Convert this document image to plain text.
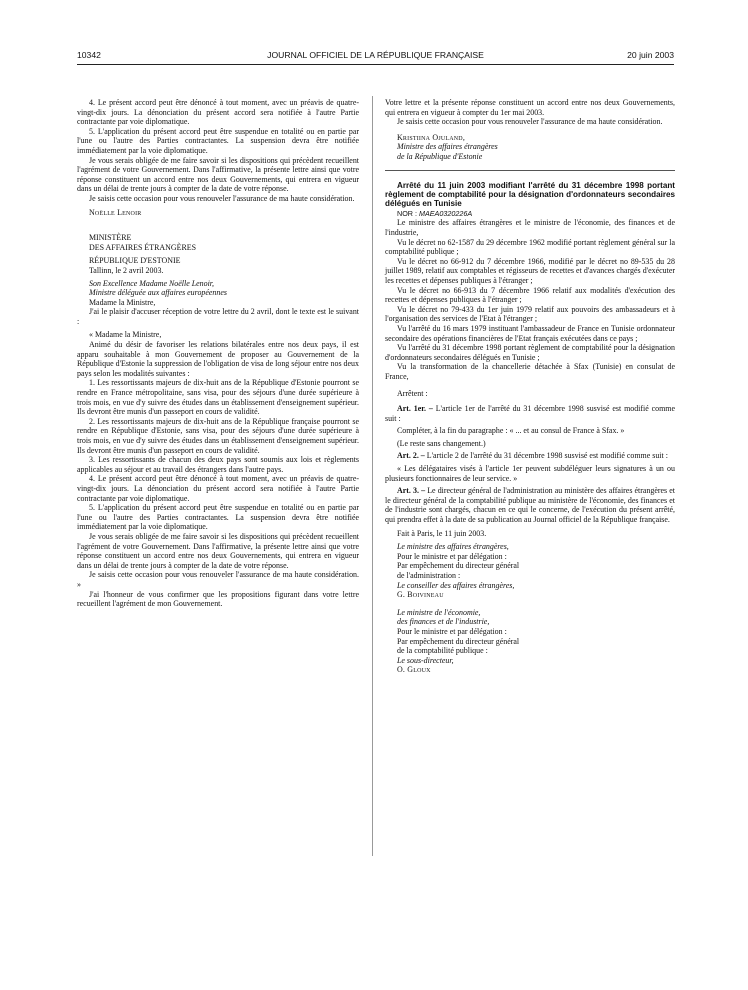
10342	JOURNAL OFFICIEL DE LA RÉPUBLIQUE FRANÇAISE	20 juin 2003

4. Le présent accord peut être dénoncé à tout moment, avec un préavis de quatre-vingt-dix jours. La dénonciation du présent accord sera notifiée à l'autre Partie contractante par voie diplomatique.

5. L'application du présent accord peut être suspendue en totalité ou en partie par l'une ou l'autre des Parties contractantes. La suspension devra être notifiée immédiatement par la voie diplomatique.

Je vous serais obligée de me faire savoir si les dispositions qui précèdent recueillent l'agrément de votre Gouvernement. Dans l'affirmative, la présente lettre ainsi que votre réponse constituent un accord entre nos deux Gouvernements, qui entrera en vigueur dans un délai de trente jours à compter de la date de votre réponse.

Je saisis cette occasion pour vous renouveler l'assurance de ma haute considération.

Noëlle Lenoir

MINISTÈRE

DES AFFAIRES ÉTRANGÈRES

RÉPUBLIQUE D'ESTONIE

Tallinn, le 2 avril 2003.

Son Excellence Madame Noëlle Lenoir,

Ministre déléguée aux affaires européennes

Madame la Ministre,

J'ai le plaisir d'accuser réception de votre lettre du 2 avril, dont le texte est le suivant :

« Madame la Ministre,

Animé du désir de favoriser les relations bilatérales entre nos deux pays, il est apparu souhaitable à mon Gouvernement de proposer au Gouvernement de la République d'Estonie la suppression de l'obligation de visa de long séjour entre nos deux pays selon les modalités suivantes :

1. Les ressortissants majeurs de dix-huit ans de la République d'Estonie pourront se rendre en France métropolitaine, sans visa, pour des séjours d'une durée supérieure à trois mois, en vue d'y suivre des études dans un établissement d'enseignement supérieur. Ils devront être munis d'un passeport en cours de validité.

2. Les ressortissants majeurs de dix-huit ans de la République française pourront se rendre en République d'Estonie, sans visa, pour des séjours d'une durée supérieure à trois mois, en vue d'y suivre des études dans un établissement d'enseignement supérieur. Ils devront être munis d'un passeport en cours de validité.

3. Les ressortissants de chacun des deux pays sont soumis aux lois et règlements applicables au séjour et au travail des étrangers dans l'autre pays.

4. Le présent accord peut être dénoncé à tout moment, avec un préavis de quatre-vingt-dix jours. La dénonciation du présent accord sera notifiée à l'autre Partie contractante par voie diplomatique.

5. L'application du présent accord peut être suspendue en totalité ou en partie par l'une ou l'autre des Parties contractantes. La suspension devra être notifiée immédiatement par la voie diplomatique.

Je vous serais obligée de me faire savoir si les dispositions qui précèdent recueillent l'agrément de votre Gouvernement. Dans l'affirmative, la présente lettre ainsi que votre réponse constituent un accord entre nos deux Gouvernements, qui entrera en vigueur dans un délai de trente jours à compter de la date de votre réponse.

Je saisis cette occasion pour vous renouveler l'assurance de ma haute considération. »

J'ai l'honneur de vous confirmer que les propositions figurant dans votre lettre recueillent l'agrément de mon Gouvernement.

Votre lettre et la présente réponse constituent un accord entre nos deux Gouvernements, qui entrera en vigueur à compter du 1er mai 2003.

Je saisis cette occasion pour vous renouveler l'assurance de ma haute considération.

Kristiina Ojuland,

Ministre des affaires étrangères

de la République d'Estonie

Arrêté du 11 juin 2003 modifiant l'arrêté du 31 décembre 1998 portant règlement de comptabilité pour la désignation d'ordonnateurs secondaires délégués en Tunisie

NOR : MAEA0320226A

Le ministre des affaires étrangères et le ministre de l'économie, des finances et de l'industrie,

Vu le décret no 62-1587 du 29 décembre 1962 modifié portant règlement général sur la comptabilité publique ;

Vu le décret no 66-912 du 7 décembre 1966, modifié par le décret no 89-535 du 28 juillet 1989, relatif aux comptables et régisseurs de recettes et d'avances chargés d'exécuter les recettes et dépenses publiques à l'étranger ;

Vu le décret no 66-913 du 7 décembre 1966 relatif aux modalités d'exécution des recettes et dépenses publiques à l'étranger ;

Vu le décret no 79-433 du 1er juin 1979 relatif aux pouvoirs des ambassadeurs et à l'organisation des services de l'Etat à l'étranger ;

Vu l'arrêté du 16 mars 1979 instituant l'ambassadeur de France en Tunisie ordonnateur secondaire des opérations financières de l'Etat français exécutées dans ce pays ;

Vu l'arrêté du 31 décembre 1998 portant règlement de comptabilité pour la désignation d'ordonnateurs secondaires délégués en Tunisie ;

Vu la transformation de la chancellerie détachée à Sfax (Tunisie) en consulat de France,

Arrêtent :

Art. 1er. – L'article 1er de l'arrêté du 31 décembre 1998 susvisé est modifié comme suit :

Compléter, à la fin du paragraphe : « ... et au consul de France à Sfax. »

(Le reste sans changement.)

Art. 2. – L'article 2 de l'arrêté du 31 décembre 1998 susvisé est modifié comme suit :

« Les délégataires visés à l'article 1er peuvent subdéléguer leurs signatures à un ou plusieurs fonctionnaires de leur service. »

Art. 3. – Le directeur général de l'administration au ministère des affaires étrangères et le directeur général de la comptabilité publique au ministère de l'économie, des finances et de l'industrie sont chargés, chacun en ce qui le concerne, de l'exécution du présent arrêté, qui prendra effet à la date de sa publication au Journal officiel de la République française.

Fait à Paris, le 11 juin 2003.

Le ministre des affaires étrangères,

Pour le ministre et par délégation :

Par empêchement du directeur général

de l'administration :

Le conseiller des affaires étrangères,

G. Boivineau

Le ministre de l'économie,

des finances et de l'industrie,

Pour le ministre et par délégation :

Par empêchement du directeur général

de la comptabilité publique :

Le sous-directeur,

O. Gloux
